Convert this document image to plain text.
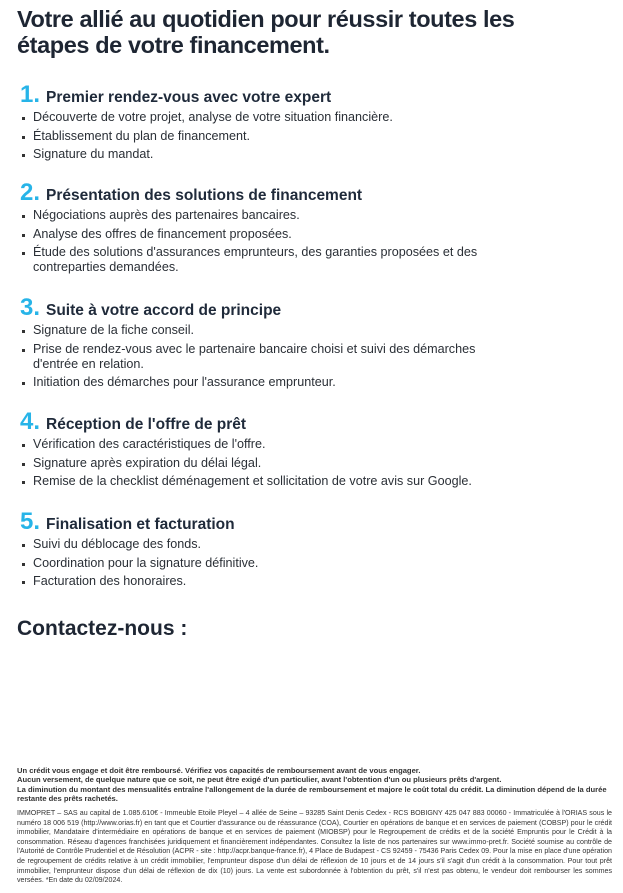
Votre allié au quotidien pour réussir toutes les étapes de votre financement.
1. Premier rendez-vous avec votre expert
Découverte de votre projet, analyse de votre situation financière.
Établissement du plan de financement.
Signature du mandat.
2. Présentation des solutions de financement
Négociations auprès des partenaires bancaires.
Analyse des offres de financement proposées.
Étude des solutions d'assurances emprunteurs, des garanties proposées et des contreparties demandées.
3. Suite à votre accord de principe
Signature de la fiche conseil.
Prise de rendez-vous avec le partenaire bancaire choisi et suivi des démarches d'entrée en relation.
Initiation des démarches pour l'assurance emprunteur.
4. Réception de l'offre de prêt
Vérification des caractéristiques de l'offre.
Signature après expiration du délai légal.
Remise de la checklist déménagement et sollicitation de votre avis sur Google.
5. Finalisation et facturation
Suivi du déblocage des fonds.
Coordination pour la signature définitive.
Facturation des honoraires.
Contactez-nous :

Un crédit vous engage et doit être remboursé. Vérifiez vos capacités de remboursement avant de vous engager.

Aucun versement, de quelque nature que ce soit, ne peut être exigé d'un particulier, avant l'obtention d'un ou plusieurs prêts d'argent.

La diminution du montant des mensualités entraîne l'allongement de la durée de remboursement et majore le coût total du crédit. La diminution dépend de la durée restante des prêts rachetés.

IMMOPRET – SAS au capital de 1.085.610€ - Immeuble Etoile Pleyel – 4 allée de Seine – 93285 Saint Denis Cedex - RCS BOBIGNY 425 047 883 00060 - Immatriculée à l'ORIAS sous le numéro 18 006 519 (http://www.orias.fr) en tant que et Courtier d'assurance ou de réassurance (COA), Courtier en opérations de banque et en services de paiement (COBSP) pour le crédit immobilier, Mandataire d'intermédiaire en opérations de banque et en services de paiement (MIOBSP) pour le Regroupement de crédits et de la société Empruntis pour le Crédit à la consommation. Réseau d'agences franchisées juridiquement et financièrement indépendantes. Consultez la liste de nos partenaires sur www.immo-pret.fr. Société soumise au contrôle de l'Autorité de Contrôle Prudentiel et de Résolution (ACPR - site : http://acpr.banque-france.fr), 4 Place de Budapest - CS 92459 - 75436 Paris Cedex 09. Pour la mise en place d'une opération de regroupement de crédits relative à un crédit immobilier, l'emprunteur dispose d'un délai de réflexion de 10 jours et de 14 jours s'il s'agit d'un crédit à la consommation. Pour tout prêt immobilier, l'emprunteur dispose d'un délai de réflexion de dix (10) jours. La vente est subordonnée à l'obtention du prêt, s'il n'est pas obtenu, le vendeur doit rembourser les sommes versées. *En date du 02/09/2024.
